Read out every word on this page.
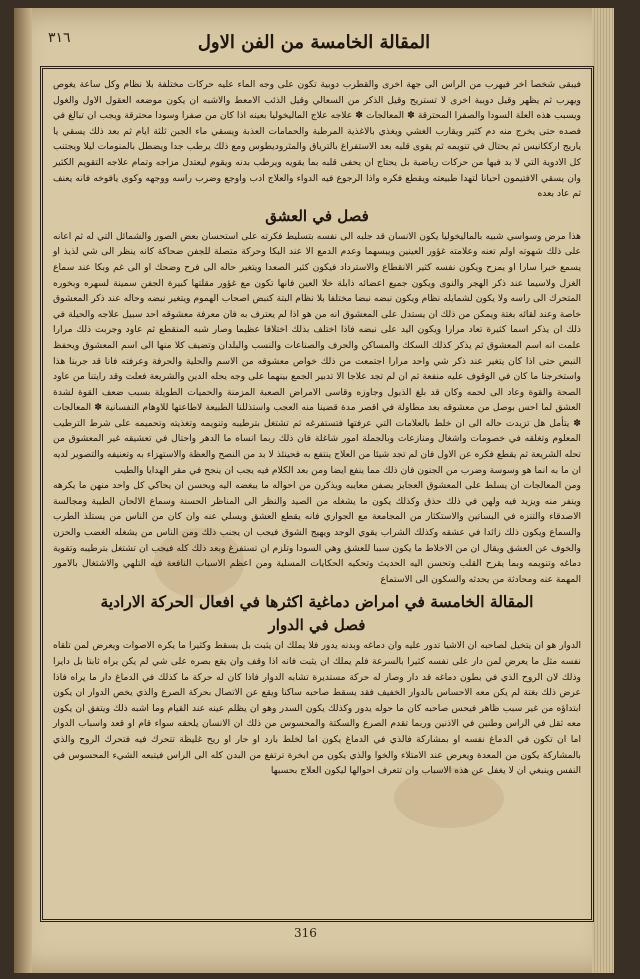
٣١٦	المقالة الخامسة من الفن الاول

فيبقى شخصا اخر فيهرب من الراس الى جهة اخرى والقطرب دوبية تكون على وجه الماء عليه حركات مختلفة بلا نظام وكل ساعة يغوص ويهرب ثم يظهر وقيل دويبة اخرى لا تستريح وقيل الذكر من السعالي وقيل الذئب الامعط والاشبه ان يكون موضعه العقول الاول والغول ويسبب هذه العلة السودا والصفرا المحترقة ✽ المعالجات ✽ علاجه علاج الماليخوليا بعينه اذا كان من صفرا وسودا محترقة ويجب ان تبالغ في فصده حتى يخرج منه دم كثير ويقارب الغشي ويغذي بالاغذية المرطبة والحمامات العذبة ويسقي ماء الجبن ثلثة ايام ثم بعد ذلك يسقي يا ياريج ارككانيس ثم يحتال في تنويمه ثم يقوى قلبه بعد الاستفراغ بالترياق والمثروديطوس ومع ذلك يرطب جدا ويضطل بالمنومات ليلا ويجتنب كل الادوية التي لا بد فيها من حركات رياضية بل يحتاج ان يحفى قلبه بما يقويه ويرطب بدنه ويقوم ليعتدل مزاجه وتمام علاجه التقويم الكثير وان يسقي الافتيمون احيانا لتهدا طبيعته ويقطع فكره واذا الرجوع فيه الدواء والعلاج ادب واوجع وضرب راسه ووجهه وكوى يافوخه فانه يعنف ثم عاد بعده

فصل في العشق

هذا مرض وسواسي شبيه بالماليخوليا يكون الانسان قد جلبه الى نفسه بتسليط فكرته على استحسان بعض الصور والشمائل التي له ثم اعانه على ذلك شهوته اولم تعنه وعلامته غؤور العينين ويبسهما وعدم الدمع الا عند البكا وحركة متصلة للجفن ضحاكة كانه ينظر الى شي لذيذ او يسمع خبرا سارا او يمزح ويكون نفسه كثير الانقطاع والاسترداد فيكون كثير الصعدا ويتغير حاله الى فرح وضحك او الى غم وبكا عند سماع الغزل ولاسيما عند ذكر الهجر والنوى ويكون جميع اعضائه ذابلة خلا العين فانها تكون مع غؤور مقلتها كبيرة الجفن سمينة لسهره وبخوره المتحرك الى راسه ولا يكون لشمايله نظام ويكون نبضه نبضا مختلفا بلا نظام البتة كنبض اصحاب الهموم ويتغير نبضه وحاله عند ذكر المعشوق خاصة وعند لقائه بغتة ويمكن من ذلك ان يستدل على المعشوق انه من هو اذا لم يعترف به فان معرفة معشوقه احد سبيل علاجه والحيلة في ذلك ان يذكر اسما كثيرة تعاد مرارا ويكون اليد على نبضه فاذا اختلف بذلك اختلافا عظيما وصار شبه المنقطع ثم عاود وجربت ذلك مرارا علمت انه اسم المعشوق ثم يذكر كذلك السكك والمساكن والحرف والصناعات والنسب والبلدان وتضيف كلا منها الى اسم المعشوق ويحفظ النبض حتى اذا كان يتغير عند ذكر شي واحد مرارا اجتمعت من ذلك خواص معشوقه من الاسم والحلية والحرفة وعرفته فانا قد جربنا هذا واستخرجنا ما كان في الوقوف عليه منفعة ثم ان لم تجد علاجا الا تدبير الجمع بينهما على وجه يحله الدين والشريعة فعلت وقد رايتنا من عاود الصحة والقوة وعاد الى لحمه وكان قد بلغ الذبول وجاوزه وقاسى الامراض الصعبة المزمنة والحميات الطويلة بسبب ضعف القوة لشدة العشق لما احس بوصل من معشوقه بعد مطاولة في اقصر مدة قضينا منه العجب واستذللنا الطبيعة لاطاعتها للاوهام النفسانية ✽ المعالجات ✽ يتأمل هل تزيدت حاله الى ان خلط بالعلامات التي عرفتها فتستفرغه ثم تشتغل بترطيبه وتنويمه وتغذيته وتحميمه على شرط الترطيب المعلوم وتغلقه في خصومات واشغال ومنازعات وبالجملة امور شاغلة فان ذلك ربما انساه ما الدهر واحتال في تعشيقه غير المعشوق من تحله الشريعة ثم يقطع فكره عن الاول فان لم تجد شيئا من العلاج ينتفع به فحينئذ لا بد من النصح والعظة والاستهزاء به وتعنيفه والتصوير لديه ان ما به انما هو وسوسة وضرب من الجنون فان ذلك مما ينفع ايضا ومن بعد الكلام فيه يجب ان ينجح في مقر الهدايا والطيب

ومن المعالجات ان يسلط على المعشوق العجايز يصفن معايبه ويذكرن من احواله ما يبغضه اليه ويحسن ان يحاكي كل واحد منهن ما يكرهه وينفر منه ويزيد فيه ولهن في ذلك حذق وكذلك يكون ما يشغله من الصيد والنظر الى المناظر الحسنة وسماع الالحان الطيبة ومجالسة الاصدقاء والتنزه في البساتين والاستكثار من المجامعة مع الجواري فانه يقطع العشق ويسلي عنه وان كان من الناس من يستلذ الطرب والسماع ويكون ذلك زائدا في عشقه وكذلك الشراب يقوي الوجد ويهيج الشوق فيجب ان يجنب ذلك ومن الناس من يشغله الغضب والحزن والخوف عن العشق ويقال ان من الاخلاط ما يكون سببا للعشق وهي السودا وتلزم ان تستفرغ وبعد ذلك كله فيجب ان تشتغل بترطيبه وتقوية دماغه وتنويمه وبما يقرح القلب وتحسن اليه الحديث وتحكيه الحكايات المسلية ومن اعظم الاسباب النافعة فيه التلهي والاشتغال بالامور المهمة عنه ومحادثة من يحدثه والسكون الى الاستماع

المقالة الخامسة في امراض دماغية اكثرها في افعال الحركة الارادية
فصل في الدوار

الدوار هو ان يتخيل لصاحبه ان الاشيا تدور عليه وان دماغه وبدنه يدور فلا يملك ان يثبت بل يسقط وكثيرا ما يكره الاصوات ويعرض لمن تلقاه نفسه مثل ما يعرض لمن دار على نفسه كثيرا بالسرعة فلم يملك ان يثبت فانه اذا وقف وان يقع بصره على شي لم يكن يراه ثابتا بل دايرا وذلك لان الروح الذي في بطون دماغه قد دار وصار له حركة مستديرة تشابه الدوار فاذا كان له حركة ما كذلك في الدماغ دار ما يراه فاذا عرض ذلك بغتة لم يكن معه الاحساس بالدوار الخفيف فقد يسقط صاحبه ساكنا ويقع عن الاتصال بحركة الصرع والذي يخص الدوار ان يكون ابتداؤه من غير سبب ظاهر فيحس صاحبه كان ما حوله يدور وكذلك يكون السدر وهو ان يظلم عينه عند القيام وما اشبه ذلك ويتفق ان يكون معه ثقل في الراس وطنين في الاذنين وربما تقدم الصرع والسكتة والمحسوس من ذلك ان الانسان يلحقه سواء قام او قعد واسباب الدوار اما ان تكون في الدماغ نفسه او بمشاركة فالذي في الدماغ يكون اما لخلط بارد او حار او ريح غليظة تتحرك فيه فتحرك الروح والذي بالمشاركة يكون من المعدة ويعرض عند الامتلاء والخوا والذي يكون من ابخرة ترتفع من البدن كله الى الراس فيتبعه الشيء المحسوس في النفس وينبغي ان لا يغفل عن هذه الاسباب وان تتعرف احوالها ليكون العلاج بحسبها

316
